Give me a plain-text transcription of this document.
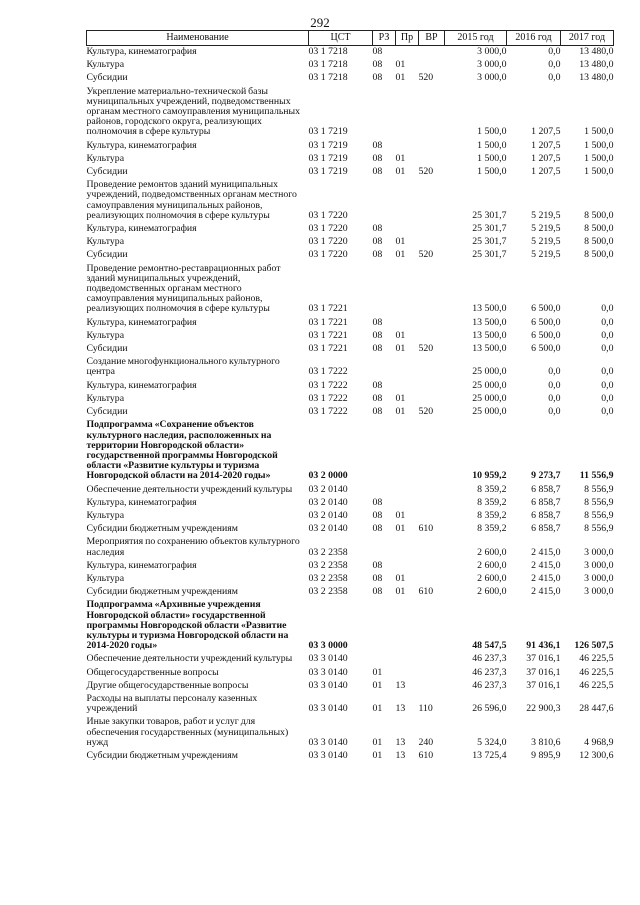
292
Наименование	ЦСТ	РЗ	Пр	ВР	2015 год	2016 год	2017 год
Культура, кинематография	03 1 7218	08			3 000,0	0,0	13 480,0
Культура	03 1 7218	08	01		3 000,0	0,0	13 480,0
Субсидии	03 1 7218	08	01	520	3 000,0	0,0	13 480,0
Укрепление материально-технической базы муниципальных учреждений, подведомственных органам местного самоуправления муниципальных районов, городского округа, реализующих полномочия в сфере культуры	03 1 7219				1 500,0	1 207,5	1 500,0
Культура, кинематография	03 1 7219	08			1 500,0	1 207,5	1 500,0
Культура	03 1 7219	08	01		1 500,0	1 207,5	1 500,0
Субсидии	03 1 7219	08	01	520	1 500,0	1 207,5	1 500,0
Проведение ремонтов зданий муниципальных учреждений, подведомственных органам местного самоуправления муниципальных районов, реализующих полномочия в сфере культуры	03 1 7220				25 301,7	5 219,5	8 500,0
Культура, кинематография	03 1 7220	08			25 301,7	5 219,5	8 500,0
Культура	03 1 7220	08	01		25 301,7	5 219,5	8 500,0
Субсидии	03 1 7220	08	01	520	25 301,7	5 219,5	8 500,0
Проведение ремонтно-реставрационных работ зданий муниципальных учреждений, подведомственных органам местного самоуправления муниципальных районов, реализующих полномочия в сфере культуры	03 1 7221				13 500,0	6 500,0	0,0
Культура, кинематография	03 1 7221	08			13 500,0	6 500,0	0,0
Культура	03 1 7221	08	01		13 500,0	6 500,0	0,0
Субсидии	03 1 7221	08	01	520	13 500,0	6 500,0	0,0
Создание многофункционального культурного центра	03 1 7222				25 000,0	0,0	0,0
Культура, кинематография	03 1 7222	08			25 000,0	0,0	0,0
Культура	03 1 7222	08	01		25 000,0	0,0	0,0
Субсидии	03 1 7222	08	01	520	25 000,0	0,0	0,0
Подпрограмма «Сохранение объектов культурного наследия, расположенных на территории Новгородской области» государственной программы Новгородской области «Развитие культуры и туризма Новгородской области на 2014-2020 годы»	03 2 0000				10 959,2	9 273,7	11 556,9
Обеспечение деятельности учреждений культуры	03 2 0140				8 359,2	6 858,7	8 556,9
Культура, кинематография	03 2 0140	08			8 359,2	6 858,7	8 556,9
Культура	03 2 0140	08	01		8 359,2	6 858,7	8 556,9
Субсидии бюджетным учреждениям	03 2 0140	08	01	610	8 359,2	6 858,7	8 556,9
Мероприятия по сохранению объектов культурного наследия	03 2 2358				2 600,0	2 415,0	3 000,0
Культура, кинематография	03 2 2358	08			2 600,0	2 415,0	3 000,0
Культура	03 2 2358	08	01		2 600,0	2 415,0	3 000,0
Субсидии бюджетным учреждениям	03 2 2358	08	01	610	2 600,0	2 415,0	3 000,0
Подпрограмма «Архивные учреждения Новгородской области» государственной программы Новгородской области «Развитие культуры и туризма Новгородской области на 2014-2020 годы»	03 3 0000				48 547,5	91 436,1	126 507,5
Обеспечение деятельности учреждений культуры	03 3 0140				46 237,3	37 016,1	46 225,5
Общегосударственные вопросы	03 3 0140	01			46 237,3	37 016,1	46 225,5
Другие общегосударственные вопросы	03 3 0140	01	13		46 237,3	37 016,1	46 225,5
Расходы на выплаты персоналу казенных учреждений	03 3 0140	01	13	110	26 596,0	22 900,3	28 447,6
Иные закупки товаров, работ и услуг для обеспечения государственных (муниципальных) нужд	03 3 0140	01	13	240	5 324,0	3 810,6	4 968,9
Субсидии бюджетным учреждениям	03 3 0140	01	13	610	13 725,4	9 895,9	12 300,6
